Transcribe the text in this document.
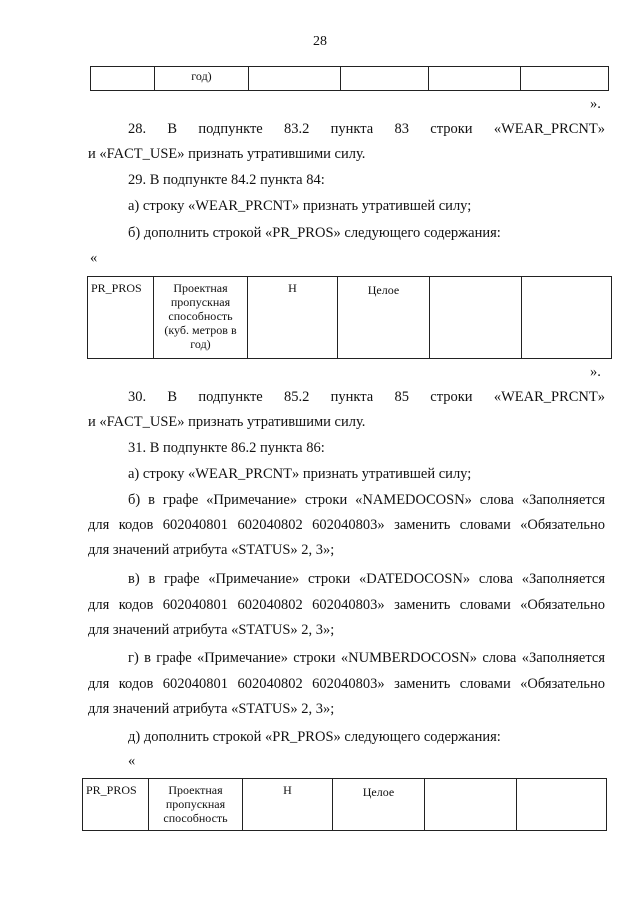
28
	год)				
».
28. В подпункте 83.2 пункта 83 строки «WEAR_PRCNT»
и «FACT_USE» признать утратившими силу.
29. В подпункте 84.2 пункта 84:
а) строку «WEAR_PRCNT» признать утратившей силу;
б) дополнить строкой «PR_PROS» следующего содержания:
«
PR_PROS	Проектная пропускная способность (куб. метров в год)	Н	Целое		
».
30. В подпункте 85.2 пункта 85 строки «WEAR_PRCNT»
и «FACT_USE» признать утратившими силу.
31. В подпункте 86.2 пункта 86:
а) строку «WEAR_PRCNT» признать утратившей силу;
б) в графе «Примечание» строки «NAMEDOCOSN» слова «Заполняется
для кодов 602040801 602040802 602040803» заменить словами «Обязательно
для значений атрибута «STATUS» 2, 3»;
в) в графе «Примечание» строки «DATEDOCOSN» слова «Заполняется
для кодов 602040801 602040802 602040803» заменить словами «Обязательно
для значений атрибута «STATUS» 2, 3»;
г) в графе «Примечание» строки «NUMBERDOCOSN» слова «Заполняется
для кодов 602040801 602040802 602040803» заменить словами «Обязательно
для значений атрибута «STATUS» 2, 3»;
д) дополнить строкой «PR_PROS» следующего содержания:
«
PR_PROS	Проектная пропускная способность	Н	Целое		
